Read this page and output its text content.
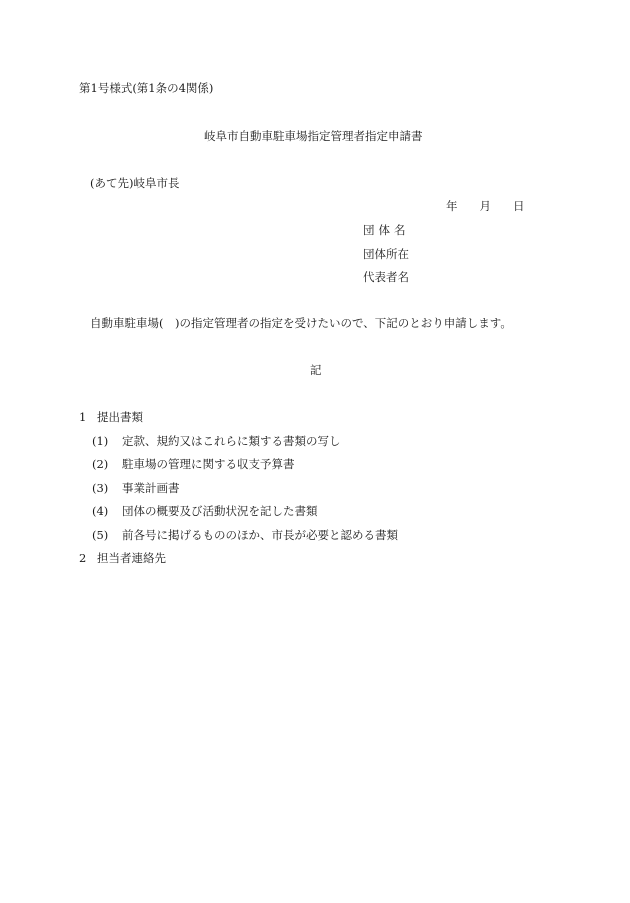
第1号様式(第1条の4関係)
岐阜市自動車駐車場指定管理者指定申請書
(あて先)岐阜市長
年 月 日
団体名
団体所在
代表者名
自動車駐車場(　)の指定管理者の指定を受けたいので、下記のとおり申請します。
記
1 提出書類
(1) 定款、規約又はこれらに類する書類の写し
(2) 駐車場の管理に関する収支予算書
(3) 事業計画書
(4) 団体の概要及び活動状況を記した書類
(5) 前各号に掲げるもののほか、市長が必要と認める書類
2 担当者連絡先
